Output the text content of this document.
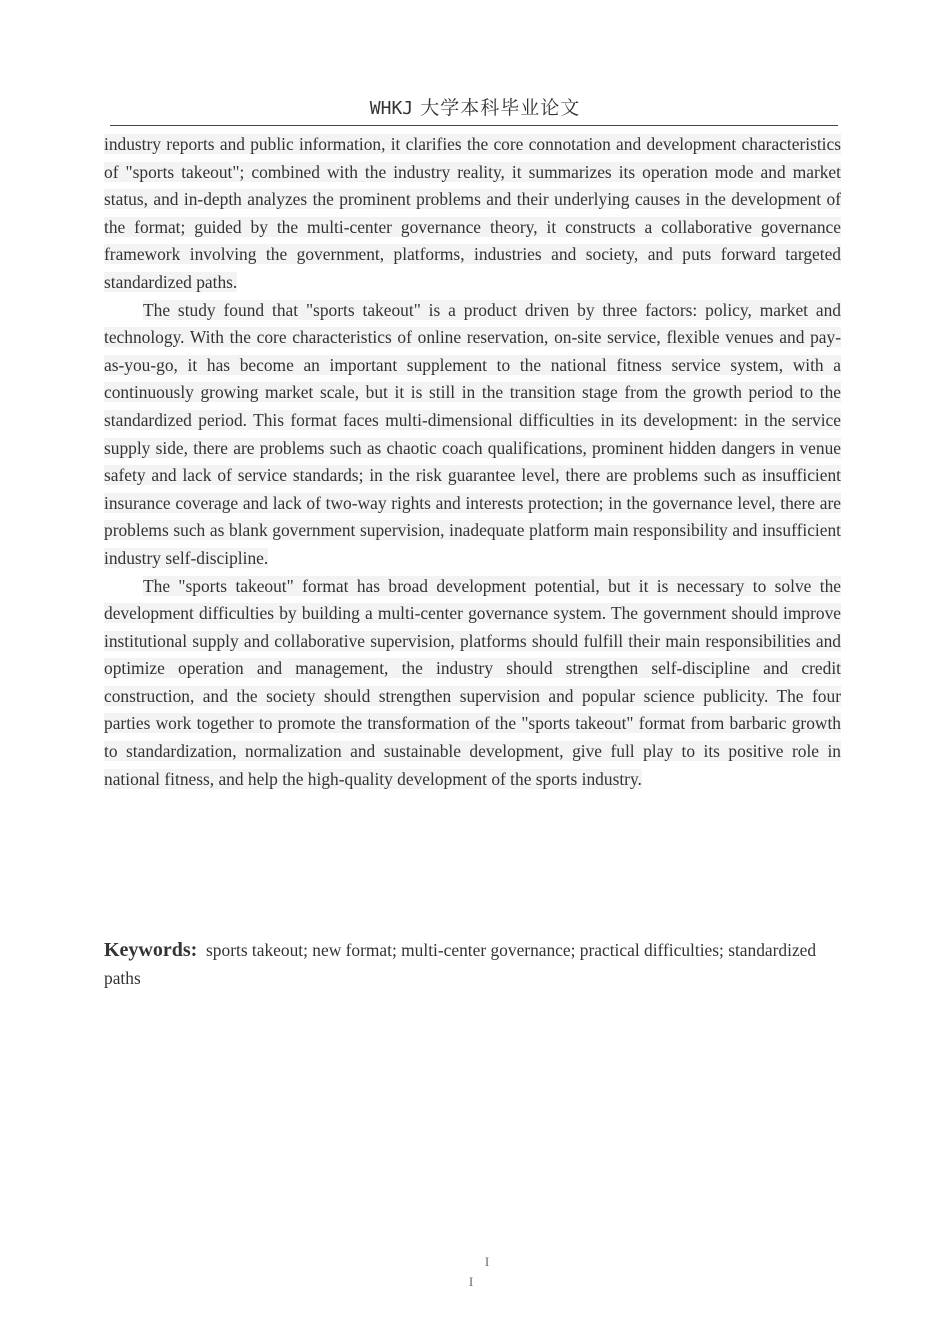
WHKJ 大学本科毕业论文

industry reports and public information, it clarifies the core connotation and development characteristics of "sports takeout"; combined with the industry reality, it summarizes its operation mode and market status, and in-depth analyzes the prominent problems and their underlying causes in the development of the format; guided by the multi-center governance theory, it constructs a collaborative governance framework involving the government, platforms, industries and society, and puts forward targeted standardized paths.

The study found that "sports takeout" is a product driven by three factors: policy, market and technology. With the core characteristics of online reservation, on-site service, flexible venues and pay-as-you-go, it has become an important supplement to the national fitness service system, with a continuously growing market scale, but it is still in the transition stage from the growth period to the standardized period. This format faces multi-dimensional difficulties in its development: in the service supply side, there are problems such as chaotic coach qualifications, prominent hidden dangers in venue safety and lack of service standards; in the risk guarantee level, there are problems such as insufficient insurance coverage and lack of two-way rights and interests protection; in the governance level, there are problems such as blank government supervision, inadequate platform main responsibility and insufficient industry self-discipline.

The "sports takeout" format has broad development potential, but it is necessary to solve the development difficulties by building a multi-center governance system. The government should improve institutional supply and collaborative supervision, platforms should fulfill their main responsibilities and optimize operation and management, the industry should strengthen self-discipline and credit construction, and the society should strengthen supervision and popular science publicity. The four parties work together to promote the transformation of the "sports takeout" format from barbaric growth to standardization, normalization and sustainable development, give full play to its positive role in national fitness, and help the high-quality development of the sports industry.

Keywords: sports takeout; new format; multi-center governance; practical difficulties; standardized paths
I
I
